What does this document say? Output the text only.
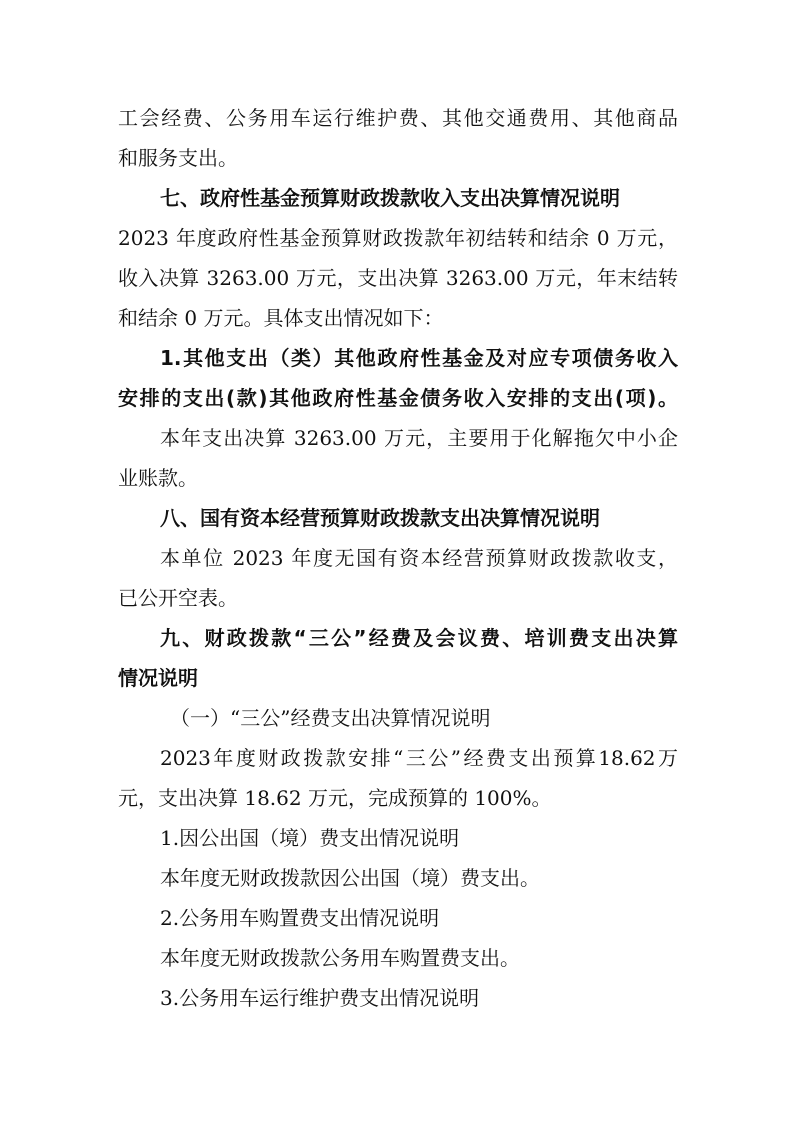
工会经费、公务用车运行维护费、其他交通费用、其他商品
和服务支出。
七、政府性基金预算财政拨款收入支出决算情况说明
2023 年度政府性基金预算财政拨款年初结转和结余 0 万元，
收入决算 3263.00 万元，支出决算 3263.00 万元，年末结转
和结余 0 万元。具体支出情况如下：
1.其他支出（类）其他政府性基金及对应专项债务收入
安排的支出(款)其他政府性基金债务收入安排的支出(项)。
本年支出决算 3263.00 万元，主要用于化解拖欠中小企
业账款。
八、国有资本经营预算财政拨款支出决算情况说明
本单位 2023 年度无国有资本经营预算财政拨款收支，
已公开空表。
九、财政拨款“三公”经费及会议费、培训费支出决算
情况说明
（一）“三公”经费支出决算情况说明
2023年度财政拨款安排“三公”经费支出预算18.62万
元，支出决算 18.62 万元，完成预算的 100%。
1.因公出国（境）费支出情况说明
本年度无财政拨款因公出国（境）费支出。
2.公务用车购置费支出情况说明
本年度无财政拨款公务用车购置费支出。
3.公务用车运行维护费支出情况说明
